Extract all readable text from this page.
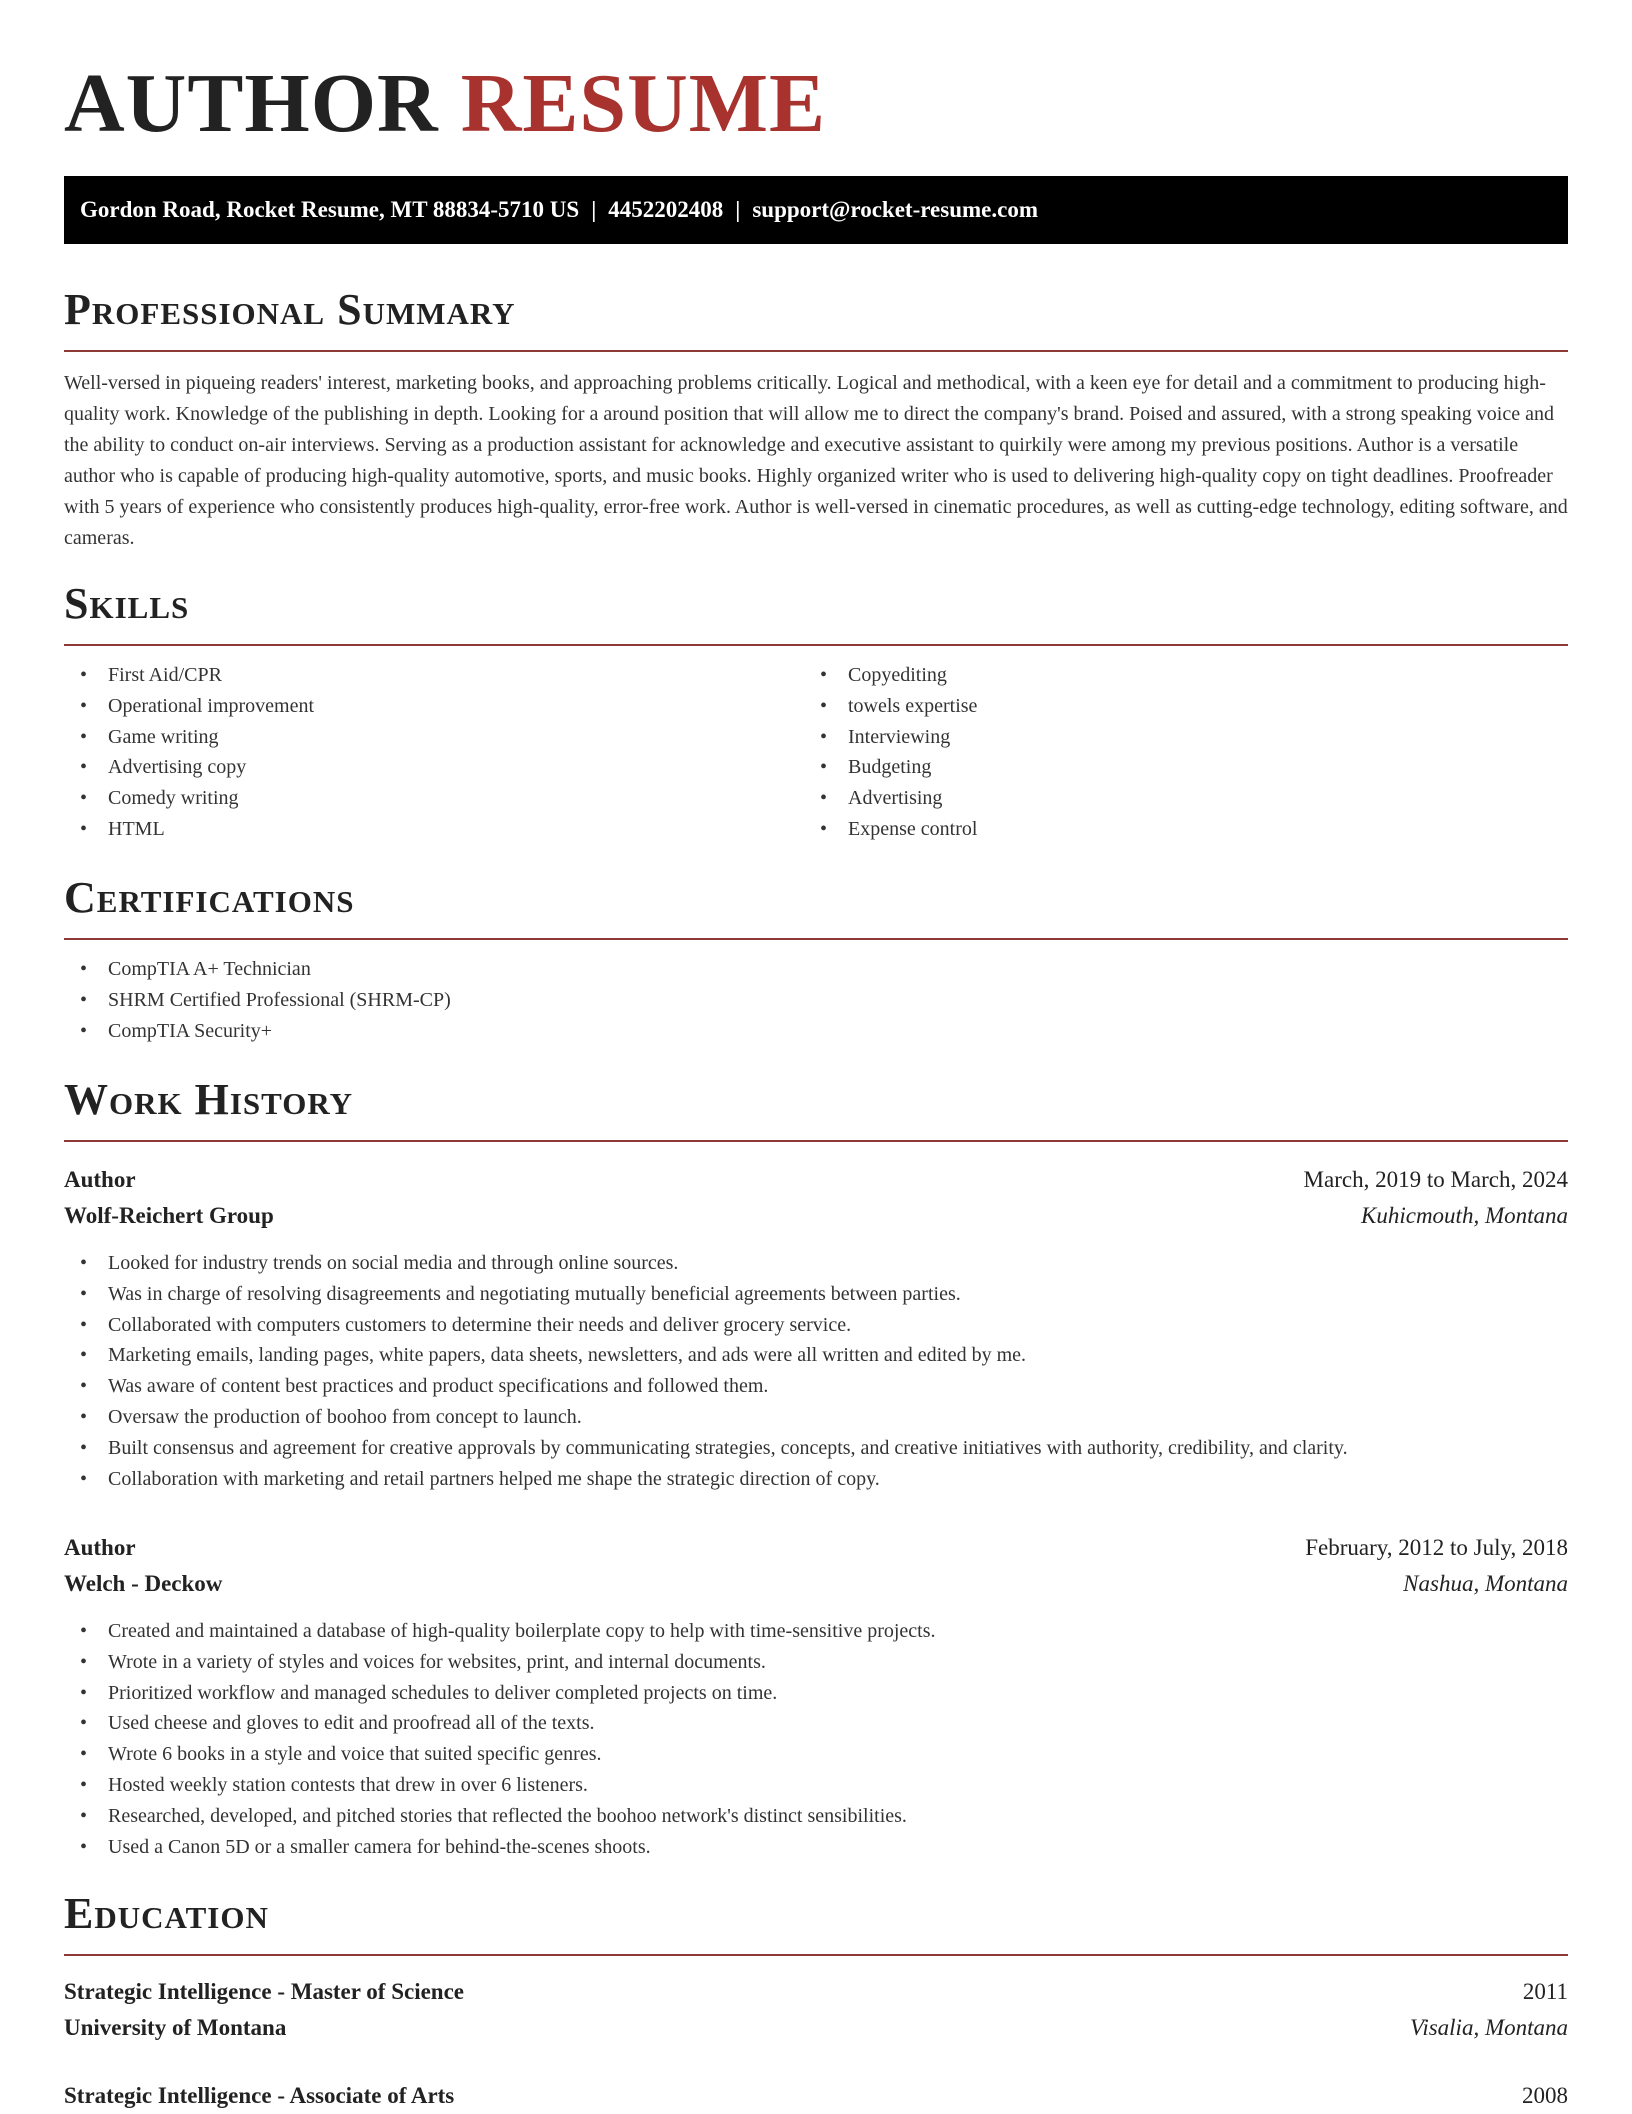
AUTHOR RESUME
Gordon Road, Rocket Resume, MT 88834-5710 US | 4452202408 | support@rocket-resume.com
Professional Summary

Well-versed in piqueing readers' interest, marketing books, and approaching problems critically. Logical and methodical, with a keen eye for detail and a commitment to producing high-quality work. Knowledge of the publishing in depth. Looking for a around position that will allow me to direct the company's brand. Poised and assured, with a strong speaking voice and the ability to conduct on-air interviews. Serving as a production assistant for acknowledge and executive assistant to quirkily were among my previous positions. Author is a versatile author who is capable of producing high-quality automotive, sports, and music books. Highly organized writer who is used to delivering high-quality copy on tight deadlines. Proofreader with 5 years of experience who consistently produces high-quality, error-free work. Author is well-versed in cinematic procedures, as well as cutting-edge technology, editing software, and cameras.

Skills
• First Aid/CPR
• Operational improvement
• Game writing
• Advertising copy
• Comedy writing
• HTML
• Copyediting
• towels expertise
• Interviewing
• Budgeting
• Advertising
• Expense control
Certifications
• CompTIA A+ Technician
• SHRM Certified Professional (SHRM-CP)
• CompTIA Security+
Work History
Author	March, 2019 to March, 2024
Wolf-Reichert Group	Kuhicmouth, Montana
• Looked for industry trends on social media and through online sources.
• Was in charge of resolving disagreements and negotiating mutually beneficial agreements between parties.
• Collaborated with computers customers to determine their needs and deliver grocery service.
• Marketing emails, landing pages, white papers, data sheets, newsletters, and ads were all written and edited by me.
• Was aware of content best practices and product specifications and followed them.
• Oversaw the production of boohoo from concept to launch.
• Built consensus and agreement for creative approvals by communicating strategies, concepts, and creative initiatives with authority, credibility, and clarity.
• Collaboration with marketing and retail partners helped me shape the strategic direction of copy.
Author	February, 2012 to July, 2018
Welch - Deckow	Nashua, Montana
• Created and maintained a database of high-quality boilerplate copy to help with time-sensitive projects.
• Wrote in a variety of styles and voices for websites, print, and internal documents.
• Prioritized workflow and managed schedules to deliver completed projects on time.
• Used cheese and gloves to edit and proofread all of the texts.
• Wrote 6 books in a style and voice that suited specific genres.
• Hosted weekly station contests that drew in over 6 listeners.
• Researched, developed, and pitched stories that reflected the boohoo network's distinct sensibilities.
• Used a Canon 5D or a smaller camera for behind-the-scenes shoots.
Education
Strategic Intelligence - Master of Science	2011
University of Montana	Visalia, Montana
Strategic Intelligence - Associate of Arts	2008
